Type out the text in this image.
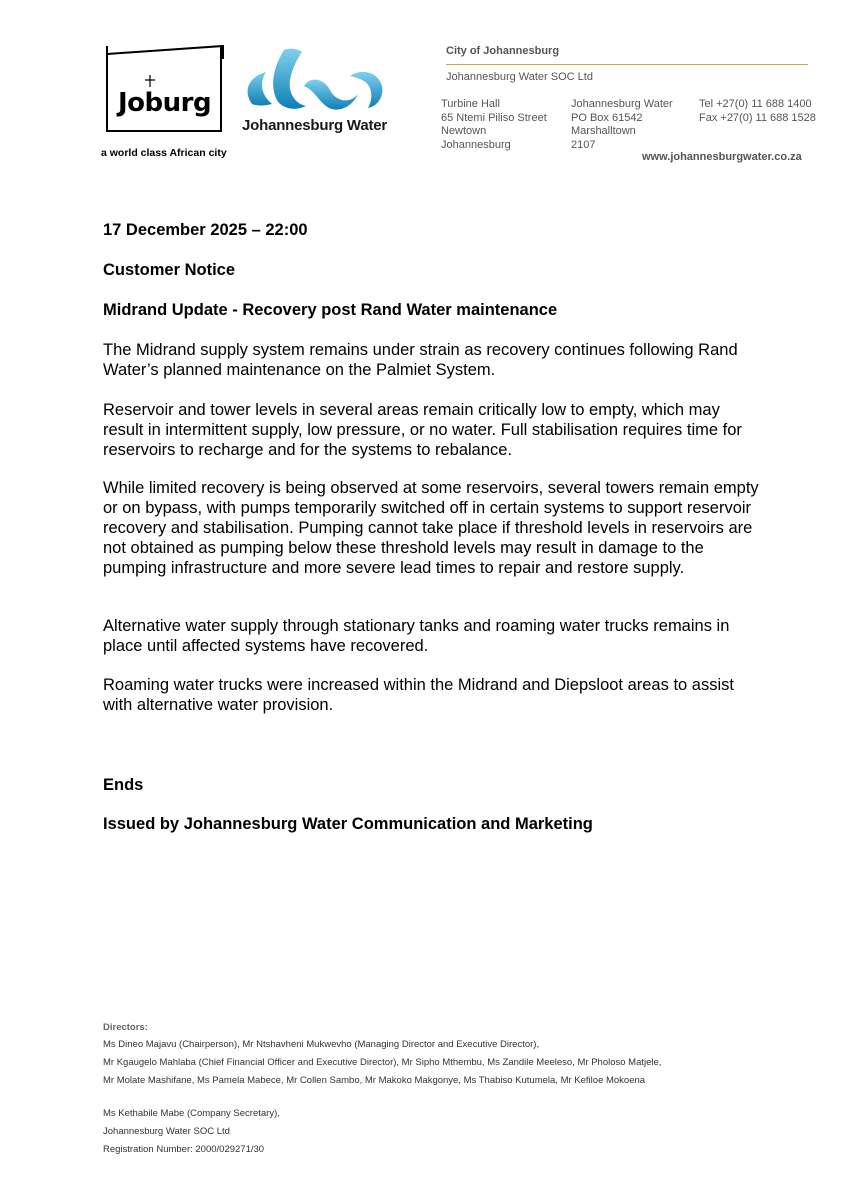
Joburg
a world class African city
Johannesburg Water
City of Johannesburg
Johannesburg Water SOC Ltd
Turbine Hall
65 Ntemi Piliso Street
Newtown
Johannesburg
Johannesburg Water
PO Box 61542
Marshalltown
2107
Tel +27(0) 11 688 1400
Fax +27(0) 11 688 1528
www.johannesburgwater.co.za
17 December 2025 – 22:00
Customer Notice
Midrand Update - Recovery post Rand Water maintenance
The Midrand supply system remains under strain as recovery continues following Rand Water’s planned maintenance on the Palmiet System.
Reservoir and tower levels in several areas remain critically low to empty, which may result in intermittent supply, low pressure, or no water. Full stabilisation requires time for reservoirs to recharge and for the systems to rebalance.
While limited recovery is being observed at some reservoirs, several towers remain empty or on bypass, with pumps temporarily switched off in certain systems to support reservoir recovery and stabilisation. Pumping cannot take place if threshold levels in reservoirs are not obtained as pumping below these threshold levels may result in damage to the pumping infrastructure and more severe lead times to repair and restore supply.
Alternative water supply through stationary tanks and roaming water trucks remains in place until affected systems have recovered.
Roaming water trucks were increased within the Midrand and Diepsloot areas to assist with alternative water provision.
Ends
Issued by Johannesburg Water Communication and Marketing
Directors:
Ms Dineo Majavu (Chairperson), Mr Ntshavheni Mukwevho (Managing Director and Executive Director),
Mr Kgaugelo Mahlaba (Chief Financial Officer and Executive Director), Mr Sipho Mthembu, Ms Zandile Meeleso, Mr Pholoso Matjele,
Mr Molate Mashifane, Ms Pamela Mabece, Mr Collen Sambo, Mr Makoko Makgonye, Ms Thabiso Kutumela, Mr Kefiloe Mokoena
Ms Kethabile Mabe (Company Secretary),
Johannesburg Water SOC Ltd
Registration Number: 2000/029271/30
